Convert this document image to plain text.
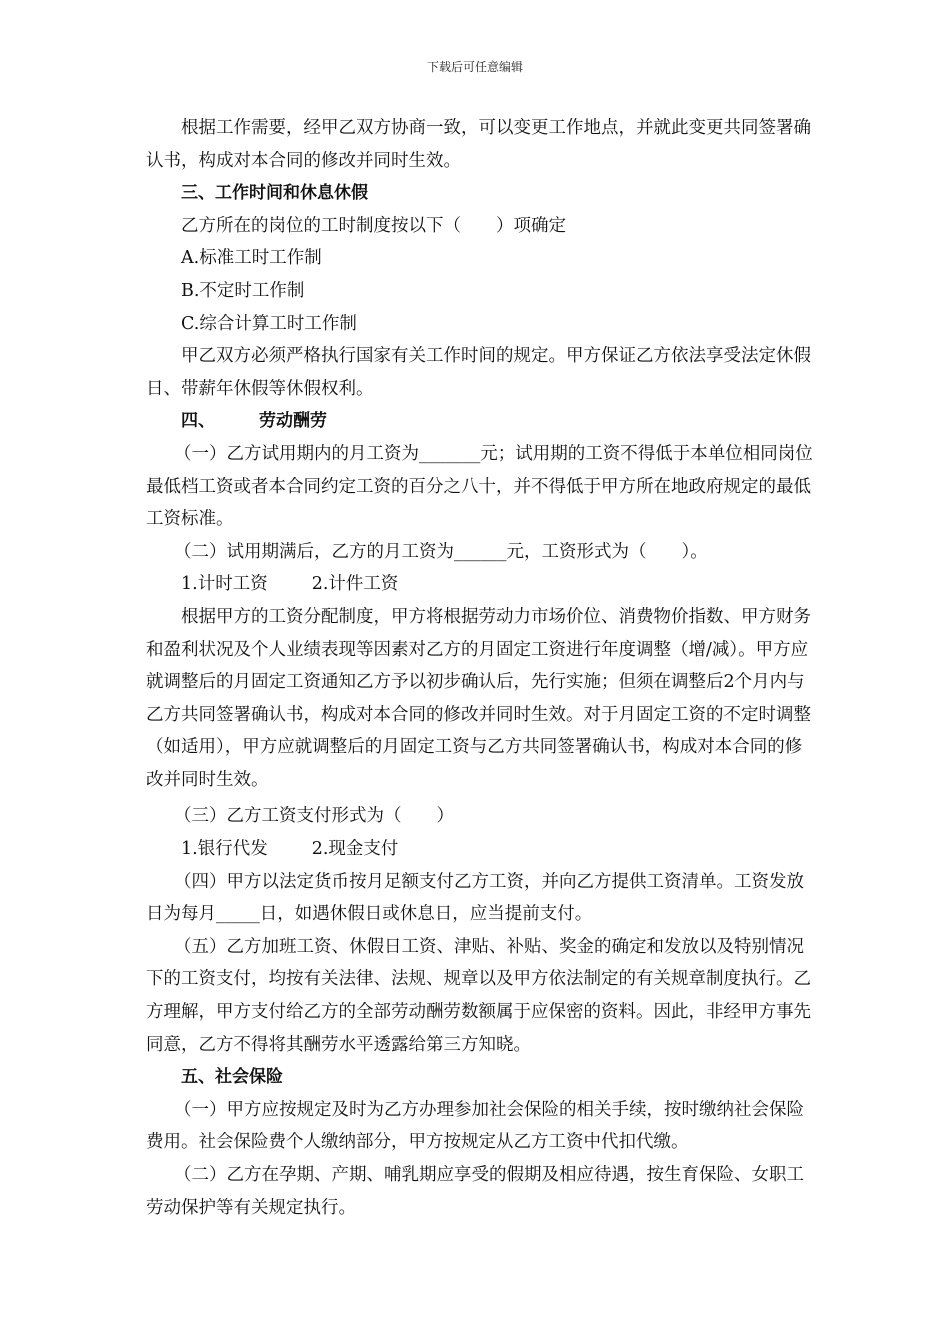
下载后可任意编辑

根据工作需要，经甲乙双方协商一致，可以变更工作地点，并就此变更共同签署确认书，构成对本合同的修改并同时生效。

三、工作时间和休息休假

乙方所在的岗位的工时制度按以下（　　）项确定

A.标准工时工作制

B.不定时工作制

C.综合计算工时工作制

甲乙双方必须严格执行国家有关工作时间的规定。甲方保证乙方依法享受法定休假日、带薪年休假等休假权利。

四、	劳动酬劳

（一）乙方试用期内的月工资为_______元；试用期的工资不得低于本单位相同岗位最低档工资或者本合同约定工资的百分之八十，并不得低于甲方所在地政府规定的最低工资标准。

（二）试用期满后，乙方的月工资为______元，工资形式为（　　）。

1.计时工资	2.计件工资

根据甲方的工资分配制度，甲方将根据劳动力市场价位、消费物价指数、甲方财务和盈利状况及个人业绩表现等因素对乙方的月固定工资进行年度调整（增/减）。甲方应就调整后的月固定工资通知乙方予以初步确认后，先行实施；但须在调整后2个月内与乙方共同签署确认书，构成对本合同的修改并同时生效。对于月固定工资的不定时调整（如适用），甲方应就调整后的月固定工资与乙方共同签署确认书，构成对本合同的修改并同时生效。

（三）乙方工资支付形式为（　　）

1.银行代发	2.现金支付

（四）甲方以法定货币按月足额支付乙方工资，并向乙方提供工资清单。工资发放日为每月_____日，如遇休假日或休息日，应当提前支付。

（五）乙方加班工资、休假日工资、津贴、补贴、奖金的确定和发放以及特别情况下的工资支付，均按有关法律、法规、规章以及甲方依法制定的有关规章制度执行。乙方理解，甲方支付给乙方的全部劳动酬劳数额属于应保密的资料。因此，非经甲方事先同意，乙方不得将其酬劳水平透露给第三方知晓。

五、社会保险

（一）甲方应按规定及时为乙方办理参加社会保险的相关手续，按时缴纳社会保险费用。社会保险费个人缴纳部分，甲方按规定从乙方工资中代扣代缴。

（二）乙方在孕期、产期、哺乳期应享受的假期及相应待遇，按生育保险、女职工劳动保护等有关规定执行。
